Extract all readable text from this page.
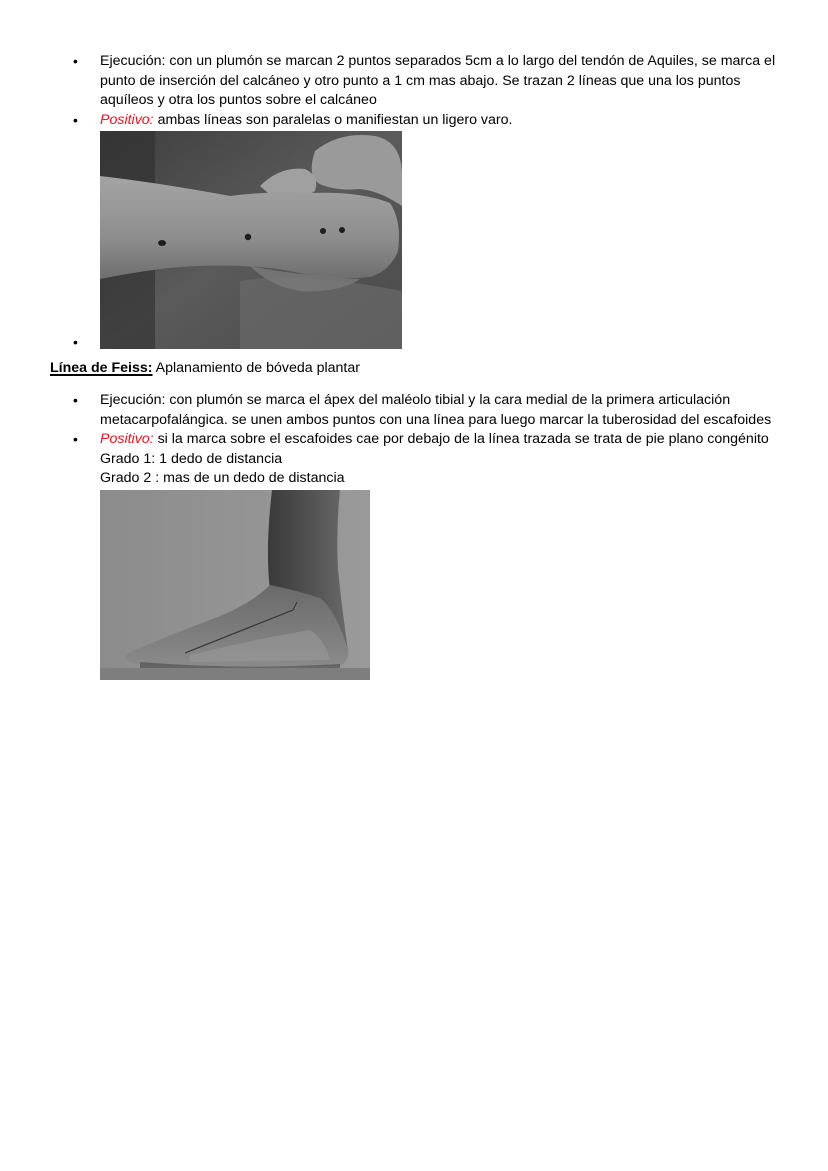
•	Ejecución: con un plumón se marcan 2 puntos separados 5cm a lo largo del tendón de Aquiles, se marca el punto de inserción del calcáneo y otro punto a 1 cm mas abajo. Se trazan 2 líneas que una los puntos aquíleos y otra los puntos sobre el calcáneo
•	Positivo: ambas líneas son paralelas o manifiestan un ligero varo.
•
Línea de Feiss: Aplanamiento de bóveda plantar
•	Ejecución: con plumón se marca el ápex del maléolo tibial y la cara medial de la primera articulación metacarpofalángica. se unen ambos puntos con una línea para luego marcar la tuberosidad del escafoides
•	Positivo: si la marca sobre el escafoides cae por debajo de la línea trazada se trata de pie plano congénito
Grado 1: 1 dedo de distancia
Grado 2 : mas de un dedo de distancia
